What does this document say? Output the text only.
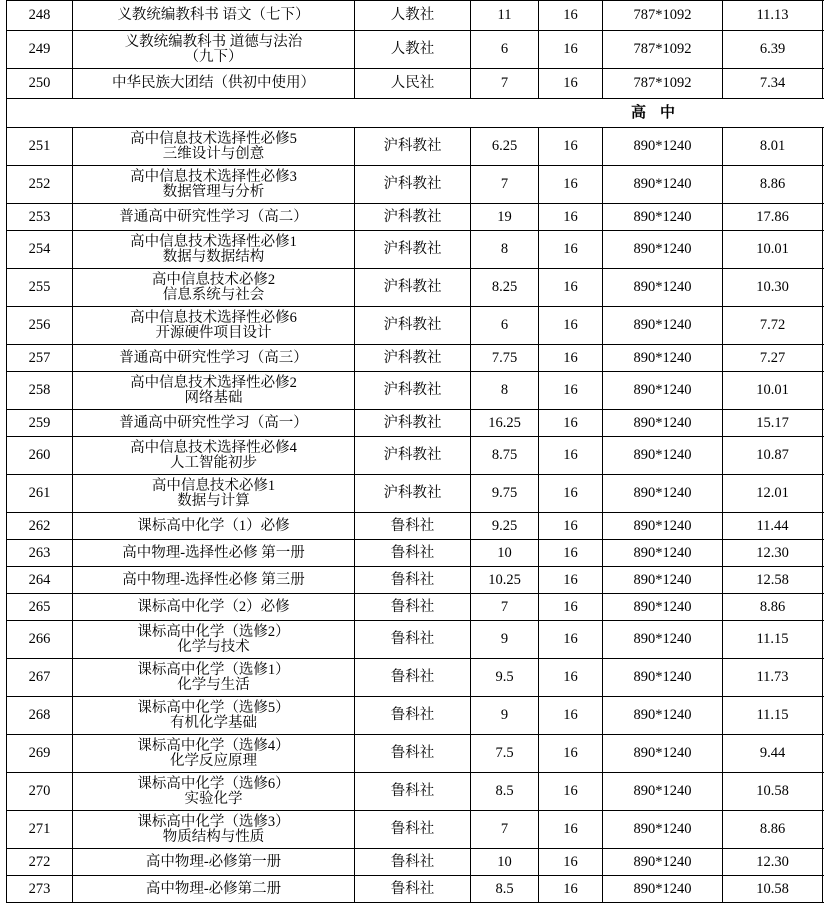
248	义教统编教科书 语文（七下）	人教社	11	16	787*1092	11.13	
249	义教统编教科书 道德与法治
（九下）	人教社	6	16	787*1092	6.39	
250	中华民族大团结（供初中使用）	人民社	7	16	787*1092	7.34	
高中							
251	高中信息技术选择性必修5
三维设计与创意	沪科教社	6.25	16	890*1240	8.01	
252	高中信息技术选择性必修3
数据管理与分析	沪科教社	7	16	890*1240	8.86	
253	普通高中研究性学习（高二）	沪科教社	19	16	890*1240	17.86	
254	高中信息技术选择性必修1
数据与数据结构	沪科教社	8	16	890*1240	10.01	
255	高中信息技术必修2
信息系统与社会	沪科教社	8.25	16	890*1240	10.30	
256	高中信息技术选择性必修6
开源硬件项目设计	沪科教社	6	16	890*1240	7.72	
257	普通高中研究性学习（高三）	沪科教社	7.75	16	890*1240	7.27	
258	高中信息技术选择性必修2
网络基础	沪科教社	8	16	890*1240	10.01	
259	普通高中研究性学习（高一）	沪科教社	16.25	16	890*1240	15.17	
260	高中信息技术选择性必修4
人工智能初步	沪科教社	8.75	16	890*1240	10.87	
261	高中信息技术必修1
数据与计算	沪科教社	9.75	16	890*1240	12.01	
262	课标高中化学（1）必修	鲁科社	9.25	16	890*1240	11.44	
263	高中物理-选择性必修 第一册	鲁科社	10	16	890*1240	12.30	
264	高中物理-选择性必修 第三册	鲁科社	10.25	16	890*1240	12.58	
265	课标高中化学（2）必修	鲁科社	7	16	890*1240	8.86	
266	课标高中化学（选修2）
化学与技术	鲁科社	9	16	890*1240	11.15	
267	课标高中化学（选修1）
化学与生活	鲁科社	9.5	16	890*1240	11.73	
268	课标高中化学（选修5）
有机化学基础	鲁科社	9	16	890*1240	11.15	
269	课标高中化学（选修4）
化学反应原理	鲁科社	7.5	16	890*1240	9.44	
270	课标高中化学（选修6）
实验化学	鲁科社	8.5	16	890*1240	10.58	
271	课标高中化学（选修3）
物质结构与性质	鲁科社	7	16	890*1240	8.86	
272	高中物理-必修第一册	鲁科社	10	16	890*1240	12.30	
273	高中物理-必修第二册	鲁科社	8.5	16	890*1240	10.58	
